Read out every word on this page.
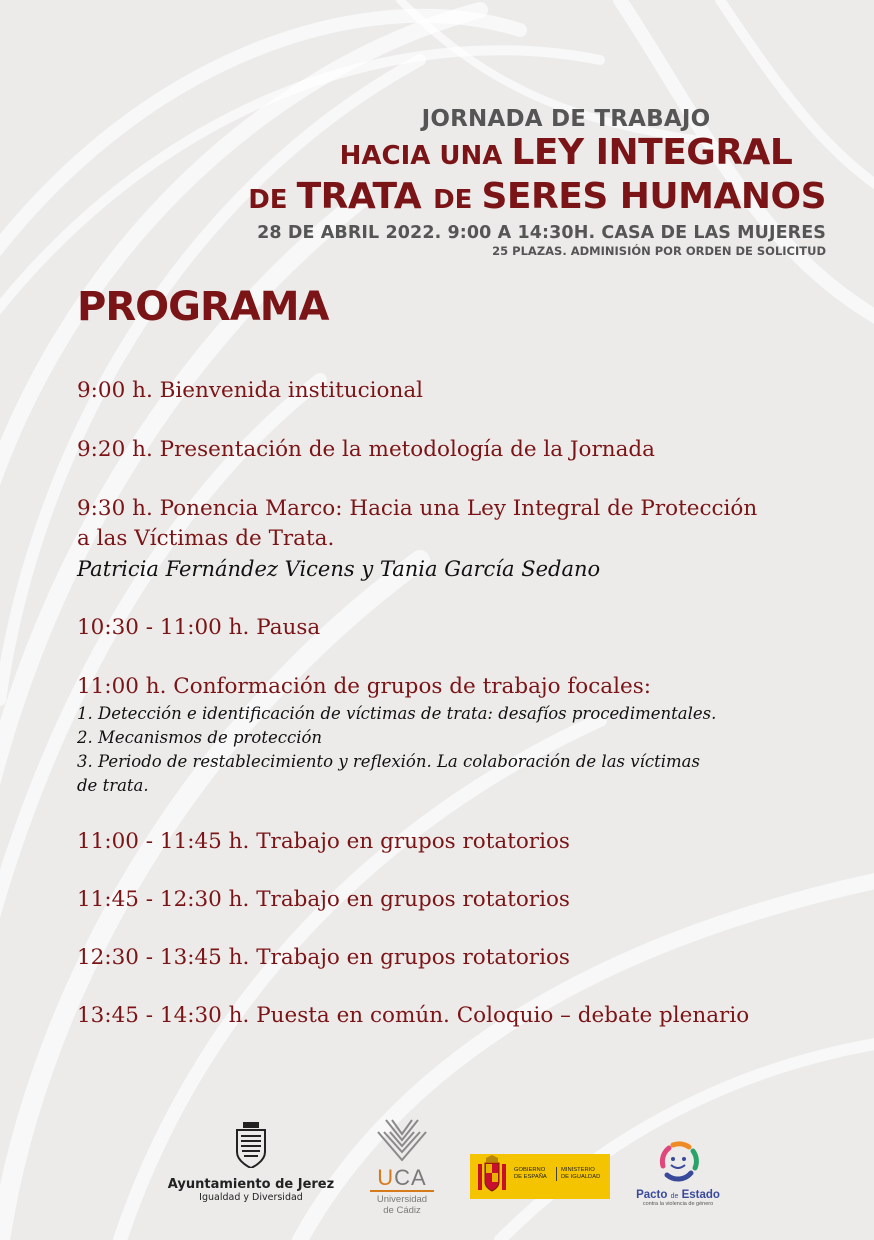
JORNADA DE TRABAJO
HACIA UNA LEY INTEGRAL
DE TRATA DE SERES HUMANOS
28 DE ABRIL 2022. 9:00 A 14:30H. CASA DE LAS MUJERES
25 PLAZAS. ADMINISIÓN POR ORDEN DE SOLICITUD
PROGRAMA
9:00 h. Bienvenida institucional
9:20 h. Presentación de la metodología de la Jornada
9:30 h. Ponencia Marco: Hacia una Ley Integral de Protección
a las Víctimas de Trata.
Patricia Fernández Vicens y Tania García Sedano
10:30 - 11:00 h. Pausa
11:00 h. Conformación de grupos de trabajo focales:
1. Detección e identificación de víctimas de trata: desafíos procedimentales.
2. Mecanismos de protección
3. Periodo de restablecimiento y reflexión. La colaboración de las víctimas
de trata.
11:00 - 11:45 h. Trabajo en grupos rotatorios
11:45 - 12:30 h. Trabajo en grupos rotatorios
12:30 - 13:45 h. Trabajo en grupos rotatorios
13:45 - 14:30 h. Puesta en común. Coloquio – debate plenario
Ayuntamiento de Jerez
Igualdad y Diversidad
UCA
Universidad
de Cádiz
GOBIERNO
DE ESPAÑA
MINISTERIO
DE IGUALDAD
Pacto de Estado
contra la violencia de género
